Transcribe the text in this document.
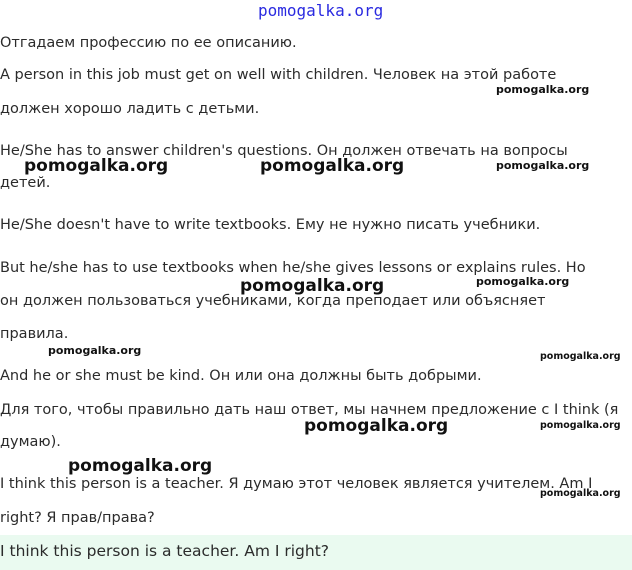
pomogalka.org
Отгадаем профессию по ее описанию.
A person in this job must get on well with children. Человек на этой работе
должен хорошо ладить с детьми.
He/She has to answer children's questions. Он должен отвечать на вопросы
детей.
He/She doesn't have to write textbooks. Ему не нужно писать учебники.
But he/she has to use textbooks when he/she gives lessons or explains rules. Но
он должен пользоваться учебниками, когда преподает или объясняет
правила.
And he or she must be kind. Он или она должны быть добрыми.
Для того, чтобы правильно дать наш ответ, мы начнем предложение с I think (я
думаю).
I think this person is a teacher. Я думаю этот человек является учителем. Am I
right? Я прав/права?
I think this person is a teacher. Am I right?
pomogalka.org
pomogalka.org	pomogalka.org	pomogalka.org
pomogalka.org	pomogalka.org
pomogalka.org	pomogalka.org
pomogalka.org	pomogalka.org
pomogalka.org
pomogalka.org
